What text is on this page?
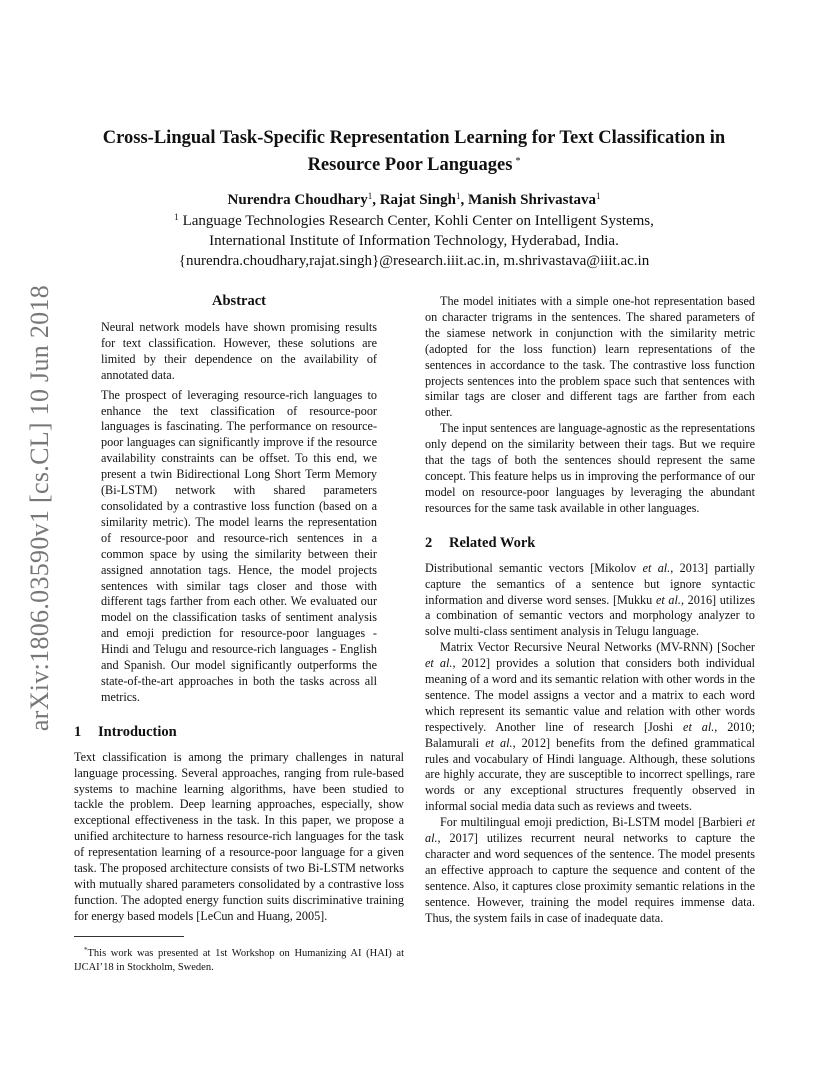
arXiv:1806.03590v1 [cs.CL] 10 Jun 2018
Cross-Lingual Task-Specific Representation Learning for Text Classification in
Resource Poor Languages *
Nurendra Choudhary$^1$, Rajat Singh$^1$, Manish Shrivastava$^1$
$^1$ Language Technologies Research Center, Kohli Center on Intelligent Systems,
International Institute of Information Technology, Hyderabad, India.
{nurendra.choudhary,rajat.singh}@research.iiit.ac.in, m.shrivastava@iiit.ac.in
Abstract

Neural network models have shown promising results for text classification. However, these solutions are limited by their dependence on the availability of annotated data.

The prospect of leveraging resource-rich languages to enhance the text classification of resource-poor languages is fascinating. The performance on resource-poor languages can significantly improve if the resource availability constraints can be offset. To this end, we present a twin Bidirectional Long Short Term Memory (Bi-LSTM) network with shared parameters consolidated by a contrastive loss function (based on a similarity metric). The model learns the representation of resource-poor and resource-rich sentences in a common space by using the similarity between their assigned annotation tags. Hence, the model projects sentences with similar tags closer and those with different tags farther from each other. We evaluated our model on the classification tasks of sentiment analysis and emoji prediction for resource-poor languages - Hindi and Telugu and resource-rich languages - English and Spanish. Our model significantly outperforms the state-of-the-art approaches in both the tasks across all metrics.

1 Introduction

Text classification is among the primary challenges in natural language processing. Several approaches, ranging from rule-based systems to machine learning algorithms, have been studied to tackle the problem. Deep learning approaches, especially, show exceptional effectiveness in the task. In this paper, we propose a unified architecture to harness resource-rich languages for the task of representation learning of a resource-poor language for a given task. The proposed architecture consists of two Bi-LSTM networks with mutually shared parameters consolidated by a contrastive loss function. The adopted energy function suits discriminative training for energy based models [LeCun and Huang, 2005].

*This work was presented at 1st Workshop on Humanizing AI (HAI) at IJCAI’18 in Stockholm, Sweden.

The model initiates with a simple one-hot representation based on character trigrams in the sentences. The shared parameters of the siamese network in conjunction with the similarity metric (adopted for the loss function) learn representations of the sentences in accordance to the task. The contrastive loss function projects sentences into the problem space such that sentences with similar tags are closer and different tags are farther from each other.

The input sentences are language-agnostic as the representations only depend on the similarity between their tags. But we require that the tags of both the sentences should represent the same concept. This feature helps us in improving the performance of our model on resource-poor languages by leveraging the abundant resources for the same task available in other languages.

2 Related Work

Distributional semantic vectors [Mikolov et al., 2013] partially capture the semantics of a sentence but ignore syntactic information and diverse word senses. [Mukku et al., 2016] utilizes a combination of semantic vectors and morphology analyzer to solve multi-class sentiment analysis in Telugu language.

Matrix Vector Recursive Neural Networks (MV-RNN) [Socher et al., 2012] provides a solution that considers both individual meaning of a word and its semantic relation with other words in the sentence. The model assigns a vector and a matrix to each word which represent its semantic value and relation with other words respectively. Another line of research [Joshi et al., 2010; Balamurali et al., 2012] benefits from the defined grammatical rules and vocabulary of Hindi language. Although, these solutions are highly accurate, they are susceptible to incorrect spellings, rare words or any exceptional structures frequently observed in informal social media data such as reviews and tweets.

For multilingual emoji prediction, Bi-LSTM model [Barbieri et al., 2017] utilizes recurrent neural networks to capture the character and word sequences of the sentence. The model presents an effective approach to capture the sequence and content of the sentence. Also, it captures close proximity semantic relations in the sentence. However, training the model requires immense data. Thus, the system fails in case of inadequate data.
